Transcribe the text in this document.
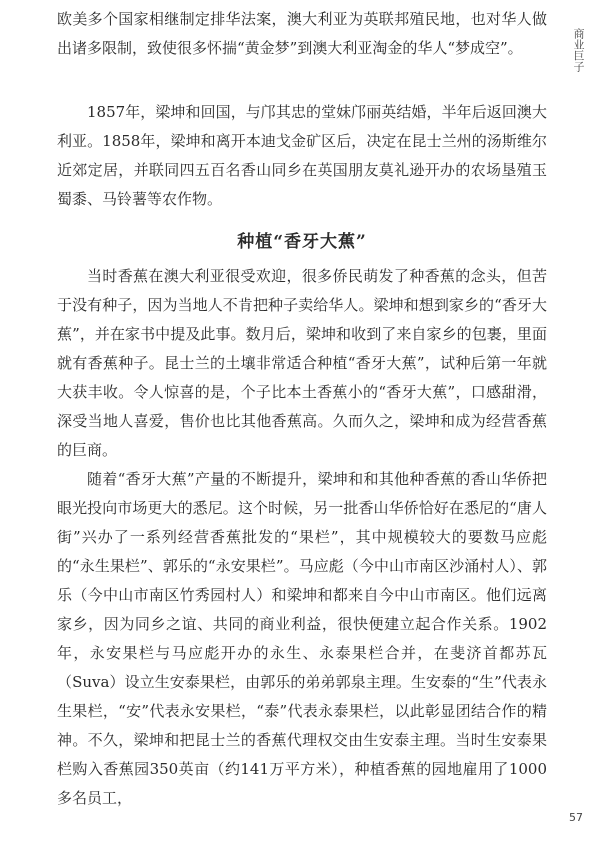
商业巨子

欧美多个国家相继制定排华法案，澳大利亚为英联邦殖民地，也对华人做出诸多限制，致使很多怀揣“黄金梦”到澳大利亚淘金的华人“梦成空”。

1857年，梁坤和回国，与邝其忠的堂妹邝丽英结婚，半年后返回澳大利亚。1858年，梁坤和离开本迪戈金矿区后，决定在昆士兰州的汤斯维尔近郊定居，并联同四五百名香山同乡在英国朋友莫礼逊开办的农场垦殖玉蜀黍、马铃薯等农作物。

种植“香牙大蕉”

当时香蕉在澳大利亚很受欢迎，很多侨民萌发了种香蕉的念头，但苦于没有种子，因为当地人不肯把种子卖给华人。梁坤和想到家乡的“香牙大蕉”，并在家书中提及此事。数月后，梁坤和收到了来自家乡的包裹，里面就有香蕉种子。昆士兰的土壤非常适合种植“香牙大蕉”，试种后第一年就大获丰收。令人惊喜的是，个子比本土香蕉小的“香牙大蕉”，口感甜滑，深受当地人喜爱，售价也比其他香蕉高。久而久之，梁坤和成为经营香蕉的巨商。

随着“香牙大蕉”产量的不断提升，梁坤和和其他种香蕉的香山华侨把眼光投向市场更大的悉尼。这个时候，另一批香山华侨恰好在悉尼的“唐人街”兴办了一系列经营香蕉批发的“果栏”，其中规模较大的要数马应彪的“永生果栏”、郭乐的“永安果栏”。马应彪（今中山市南区沙涌村人）、郭乐（今中山市南区竹秀园村人）和梁坤和都来自今中山市南区。他们远离家乡，因为同乡之谊、共同的商业利益，很快便建立起合作关系。1902年，永安果栏与马应彪开办的永生、永泰果栏合并，在斐济首都苏瓦（Suva）设立生安泰果栏，由郭乐的弟弟郭泉主理。生安泰的“生”代表永生果栏，“安”代表永安果栏，“泰”代表永泰果栏，以此彰显团结合作的精神。不久，梁坤和把昆士兰的香蕉代理权交由生安泰主理。当时生安泰果栏购入香蕉园350英亩（约141万平方米），种植香蕉的园地雇用了1000多名员工，

57
